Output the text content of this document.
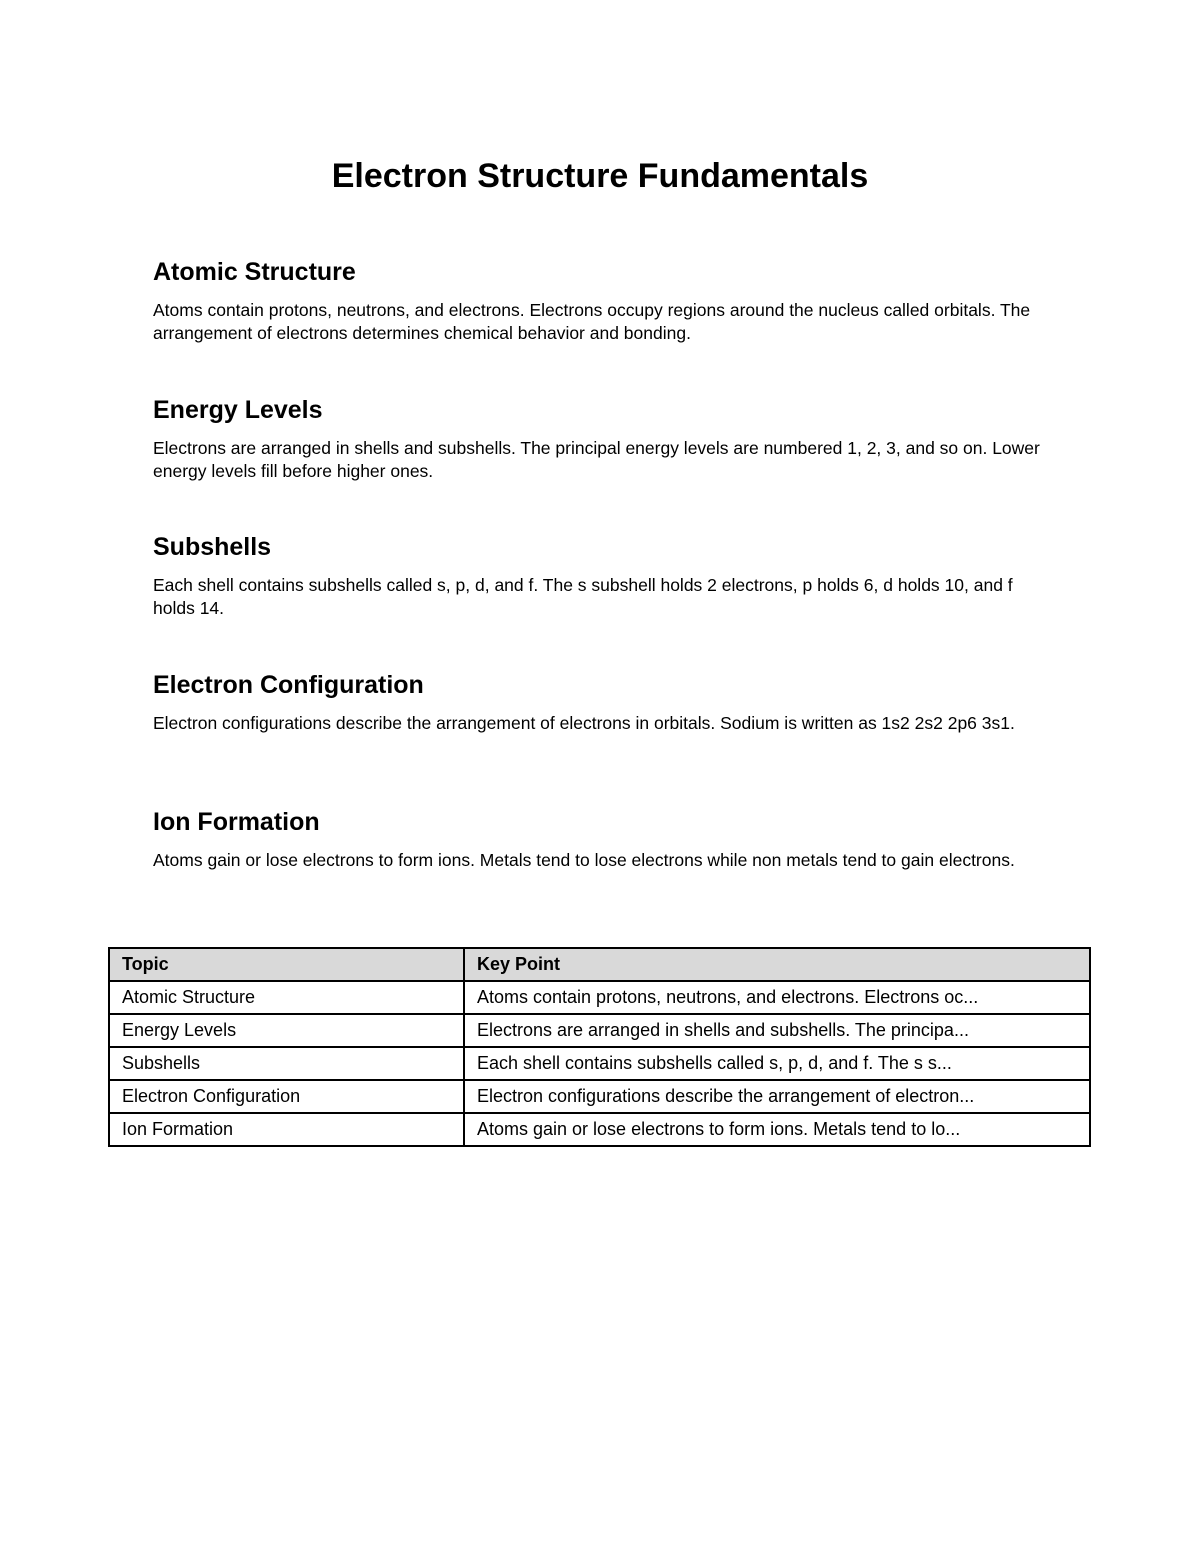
Electron Structure Fundamentals
Atomic Structure

Atoms contain protons, neutrons, and electrons. Electrons occupy regions around the nucleus called orbitals. The arrangement of electrons determines chemical behavior and bonding.

Energy Levels

Electrons are arranged in shells and subshells. The principal energy levels are numbered 1, 2, 3, and so on. Lower energy levels fill before higher ones.

Subshells

Each shell contains subshells called s, p, d, and f. The s subshell holds 2 electrons, p holds 6, d holds 10, and f holds 14.

Electron Configuration

Electron configurations describe the arrangement of electrons in orbitals. Sodium is written as 1s2 2s2 2p6 3s1.

Ion Formation

Atoms gain or lose electrons to form ions. Metals tend to lose electrons while non metals tend to gain electrons.

Topic	Key Point
Atomic Structure	Atoms contain protons, neutrons, and electrons. Electrons oc...
Energy Levels	Electrons are arranged in shells and subshells. The principa...
Subshells	Each shell contains subshells called s, p, d, and f. The s s...
Electron Configuration	Electron configurations describe the arrangement of electron...
Ion Formation	Atoms gain or lose electrons to form ions. Metals tend to lo...
